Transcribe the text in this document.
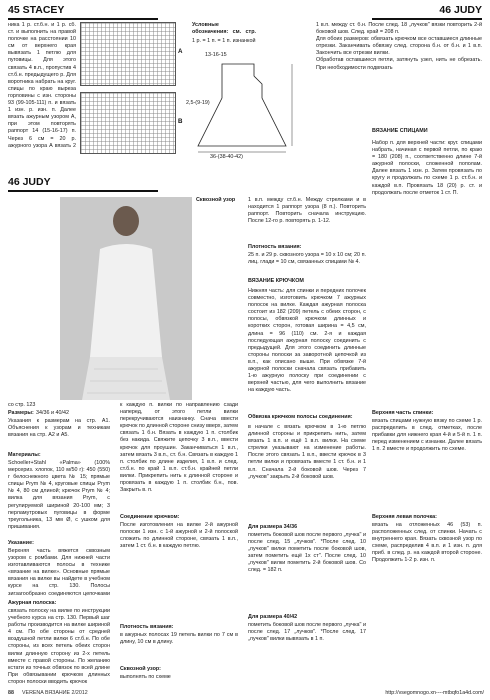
45 STACEY	46 JUDY
ника 1 р. ст.б.н. и 1 р. сб. ст. и выполнить на правой полочке на расстоянии 10 см от верхнего края вывязать 1 петлю для пуговицы. Для этого связать 4 в.п., пропустив 4 ст.б.н. предыдущего р. Для воротника набрать на круг. спицы по краю выреза горловины с изн. стороны 93 (99-105-111) п. и вязать 1 изн. р. изн. п. Далее вязать ажурным узором А, при этом повторять раппорт 14 (15-16-17) п. Через 6 см = 20 р. ажурного узора А вязать 2

A
B
Условные обозначения: см. стр.
1 р. = 1 п. = 1 п. изнанкой
13-16-15
2,5-(9-19)
36-(38-40-42)
1 в.п. между ст. б.н. После след. 18 „лучков" вязки повторить 2-й боковой шов. След. край = 208 п.
Для обоих размеров: обвязать крючком все оставшиеся длинные отрезки. Заканчивать обвязку след. сторона б.н. от б.н. и 1 в.п. Закончить все отрезки вилки.
Обработав оставшиеся петли, затянуть узел, нить не обрезать. При необходимости подвязать
ВЯЗАНИЕ СПИЦАМИ
Набор п. для верхней части: круг. спицами набрать, начиная с первой петли, по краю = 180 (208) п., соответственно длине 7-й ажурной полоски, сложенной пополам. Далее вязать 1 изн. р. Затем провязать по кругу и продолжать по схеме 1 р. ст.б.н. и каждой в.п. Провязать 18 (20) р. ст. и продолжать после отметок 1 ст. П.
46 JUDY
со стр. 123
Размеры: 34/36 и 40/42
Указания к размерам на стр. А1. Объяснения к узорам и техникам вязания на стр. А2 и А5.
Материалы:
Schoeller+Stahl «Palma» (100% мерсериз. хлопок, 110 м/50 г): 450 (550) г белоснежного цвета № 15; прямые спицы Prym № 4, круговые спицы Prym № 4, 80 см длиной; крючок Prym № 4; вилка для вязания Prym, с регулируемой шириной 20-100 мм; 3 перламутровых пуговицы в форме треугольника, 13 мм Ø, с ушком для пришивания.
Указание:
Верхняя часть вяжется сквозным узором с ромбами. Для нижней части изготавливаются полосы в технике «вязание на вилке». Основные прямые вязания на вилке вы найдете в учебном курсе на стр. 130. Полосы зигзагообразно соединяются цепочками
Ажурная полоска:
связать полоску на вилке по инструкции учебного курса на стр. 130. Первый шаг работы производится на вилке шириной 4 см. По обе стороны от средней воздушной петли вилки 6 ст.б.н. По обе стороны, из всех петель обеих сторон вилки длинную сторону из 2-х петель вместе с правой стороны. По желанию кстати из точных обвязок по всей длине
При обвязывании крючком длинных сторон полоски вводить крючок
к каждую п. вилки по направлению сзади наперед, от этого петли вилки перекручиваются наизнанку. Снача ввести крючок по длинной стороне снизу вверх, затем связать 1 б.н. Вязать в каждую 1 п. столбик без накида. Свяжите цепочку 3 в.п., ввести крючок для проушин. Заканчиваться 1 в.п., затем вязать 3 в.п., ст. б.н. Связать в каждую 1 п. столбик по длине изделия, 1 в.п. и след. ст.б.н. по край 1 в.п. ст.б.н. крайней петли вилки. Прикрепить нить к длинной стороне и провязать в каждую 1 п. столбик б.н., пов. Закрыть в. п.
Соединение крючком:
После изготовления на вилке 2-й ажурной полоски 1 изн. с 1-й ажурной и 2-й полоской сложить по длинной стороне, связать 1 в.п., затем 1 ст. б.н. в каждую петлю.
Плотность вязания:
в ажурных полосах 19 петель вилки по 7 см в длину, 10 см в длину.
Сквозной узор:
выполнять по схеме
Сквозной узор	1 в.п. между ст.б.н. Между стрелками и в находится 1 раппорт узора (8 п.). Повторить раппорт. Повторить сначала инструкцию. После 12-го р. повторять р. 1-12.
Плотность вязания:
25 п. и 29 р. сквозного узора = 10 х 10 см; 20 п. лиц. глади = 10 см, связанных спицами № 4.
ВЯЗАНИЕ КРЮЧКОМ
Нижняя часть: для спинки и передних полочек совместно, изготовить крючком 7 ажурных полосок на вилке. Каждая ажурная полоска состоит из 182 (209) петель с обеих сторон, с полосы, обвязкой крючком длинных и коротких сторон, готовая ширина = 4,5 см, длина = 96 (110) см. 2-я и каждая последующая ажурная полоску соединить с предыдущей. Для этого соединить длинные стороны полоски за заворотной цепочкой из в.п., как описано выше. При обвязке 7-й ажурной полоски сначала связать прибавить 1-ю ажурную полоску при соединении с верхней частью, для чего выполнить вязание на каждую часть.
Обвязка крючком полосы соединения:
в начале с вязать крючком в 1-ю петлю длинной стороны и прикрепить нить, затем вязать 1 в.п. и ещё 1 в.п. вилки. На схеме стрелки указывают на изменение работы. После этого связать 1 в.п., ввести крючок в 3 петли вилки и провязать вместе 1 ст. б.н. и 1 в.п. Сначала 2-й боковой шов. Через 7 „лучков" закрыть 2-й боковой шов.
Для размера 34/36
пометить боковой шов после первого „лучка" и после след. 15 „лучков". *После след. 10 „лучков" вилки пометить после боковой шов, затем пометить ещё 1x ст". После след. 10 „лучков" вилки пометить 2-й боковой шов. Со след. = 182 п.
Для размера 40/42
пометить боковой шов после первого „лучка" и после след. 17 „лучков". *После след. 17 „лучков" вилки вывязать в 1 п.
Верхняя часть спинки:
вязать спицами нужную вязку по схеме 1 р. распределить в след. отметках, после прибавки для нижнего края 4-й и 5-й п. 1 п. перед изменением с изнанки. Далее вязать 1 п. 2 вместе и продолжить по схеме.
Верхняя левая полочка:
вязать на отложенных 46 (53) п. расположенных след. от спинки. Начать с внутреннего края. Вязать сквозной узор по схеме, распределив 4 в.п. и 1 изн. п. для приб. в след. р. на каждой второй стороне. Продолжить 1-2 р. изн. п.
88	VERENA ВЯЗАНИЕ 2/2012	http://vsegomnogo.xn----mtbqfo1a4d.com/
